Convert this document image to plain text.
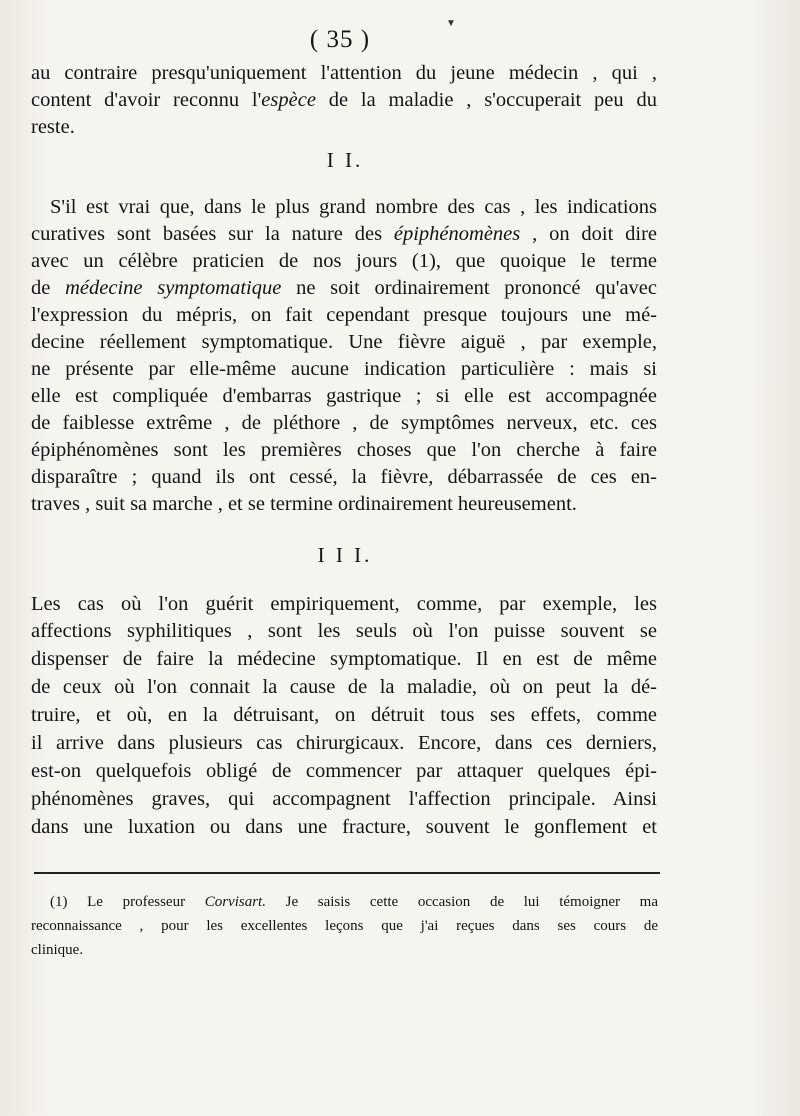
▼
( 35 )
au contraire presqu'uniquement l'attention du jeune médecin , qui ,
content d'avoir reconnu l'espèce de la maladie , s'occuperait peu du
reste.
I I.
S'il est vrai que, dans le plus grand nombre des cas , les indications
curatives sont basées sur la nature des épiphénomènes , on doit dire
avec un célèbre praticien de nos jours (1), que quoique le terme
de médecine symptomatique ne soit ordinairement prononcé qu'avec
l'expression du mépris, on fait cependant presque toujours une mé-
decine réellement symptomatique. Une fièvre aiguë , par exemple,
ne présente par elle-même aucune indication particulière : mais si
elle est compliquée d'embarras gastrique ; si elle est accompagnée
de faiblesse extrême , de pléthore , de symptômes nerveux, etc. ces
épiphénomènes sont les premières choses que l'on cherche à faire
disparaître ; quand ils ont cessé, la fièvre, débarrassée de ces en-
traves , suit sa marche , et se termine ordinairement heureusement.
I I I.
Les cas où l'on guérit empiriquement, comme, par exemple, les
affections syphilitiques , sont les seuls où l'on puisse souvent se
dispenser de faire la médecine symptomatique. Il en est de même
de ceux où l'on connait la cause de la maladie, où on peut la dé-
truire, et où, en la détruisant, on détruit tous ses effets, comme
il arrive dans plusieurs cas chirurgicaux. Encore, dans ces derniers,
est-on quelquefois obligé de commencer par attaquer quelques épi-
phénomènes graves, qui accompagnent l'affection principale. Ainsi
dans une luxation ou dans une fracture, souvent le gonflement et
(1) Le professeur Corvisart. Je saisis cette occasion de lui témoigner ma
reconnaissance , pour les excellentes leçons que j'ai reçues dans ses cours de
clinique.
